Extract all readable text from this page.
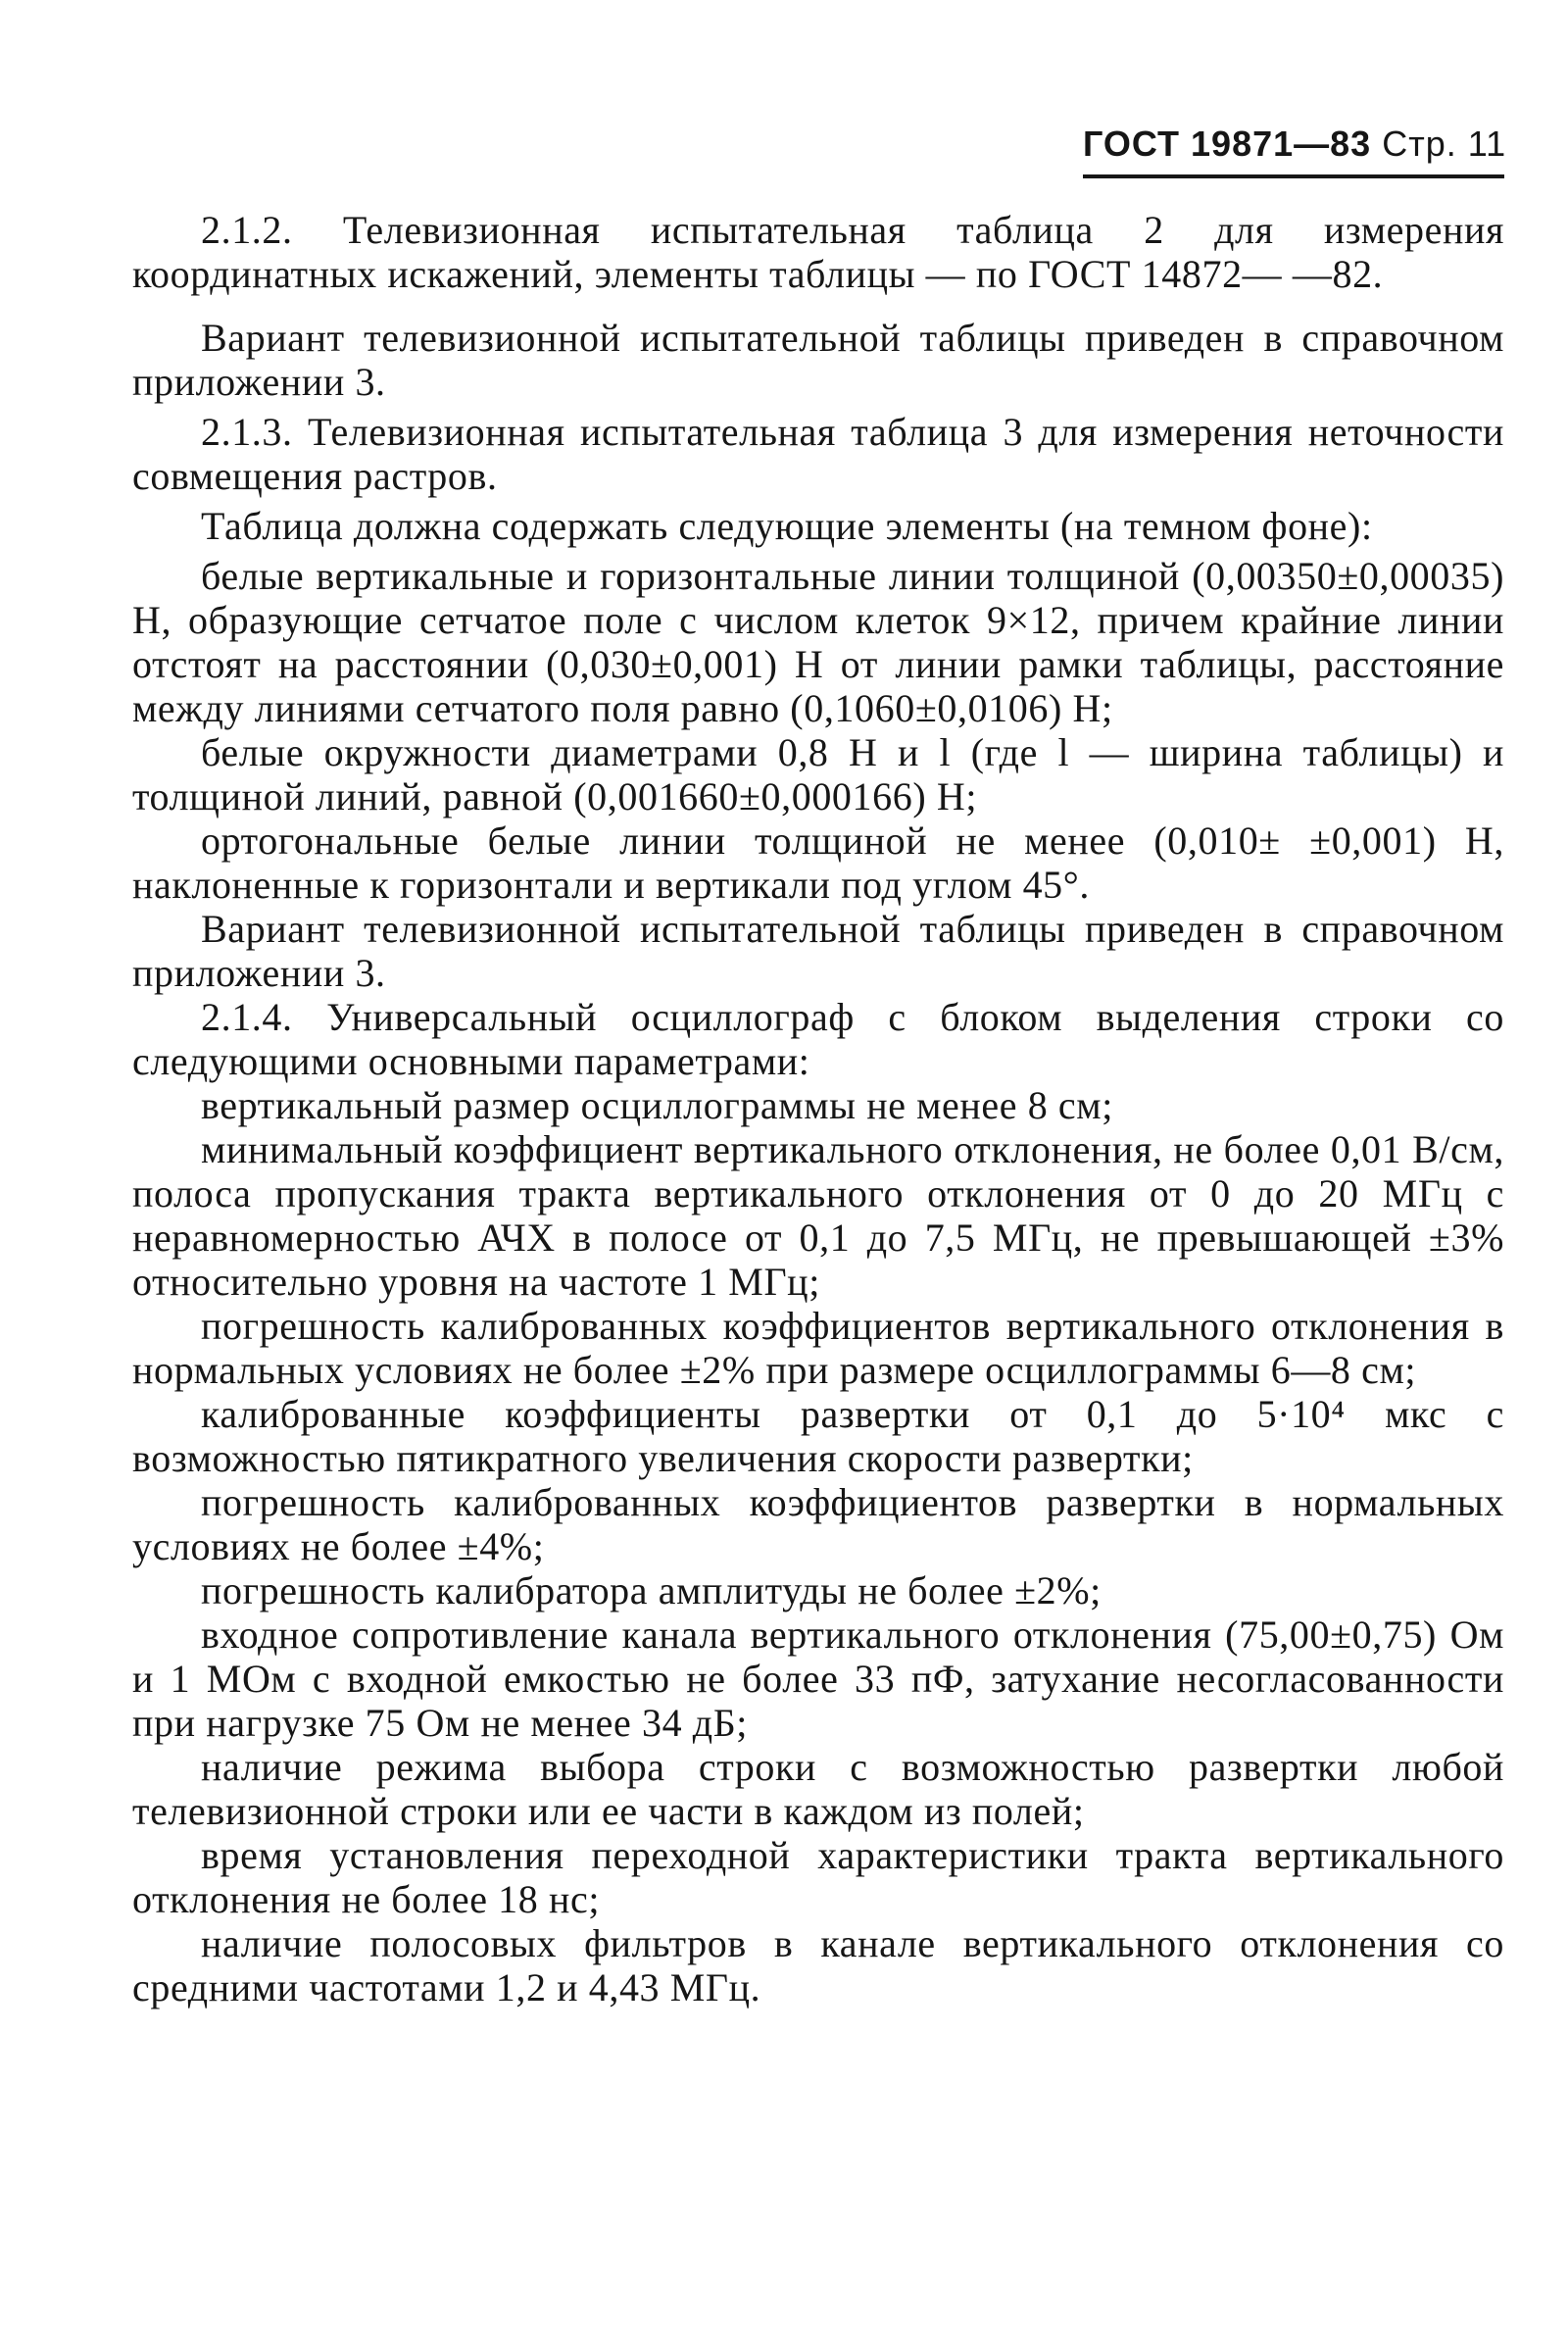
ГОСТ 19871—83 Стр. 11

2.1.2. Телевизионная испытательная таблица 2 для измерения координатных искажений, элементы таблицы — по ГОСТ 14872— —82.

Вариант телевизионной испытательной таблицы приведен в справочном приложении 3.

2.1.3. Телевизионная испытательная таблица 3 для измерения неточности совмещения растров.

Таблица должна содержать следующие элементы (на темном фоне):

белые вертикальные и горизонтальные линии толщиной (0,00350±0,00035) Н, образующие сетчатое поле с числом клеток 9×12, причем крайние линии отстоят на расстоянии (0,030±0,001) Н от линии рамки таблицы, расстояние между линиями сетчатого поля равно (0,1060±0,0106) Н;

белые окружности диаметрами 0,8 Н и l (где l — ширина таблицы) и толщиной линий, равной (0,001660±0,000166) Н;

ортогональные белые линии толщиной не менее (0,010± ±0,001) Н, наклоненные к горизонтали и вертикали под углом 45°.

Вариант телевизионной испытательной таблицы приведен в справочном приложении 3.

2.1.4. Универсальный осциллограф с блоком выделения строки со следующими основными параметрами:

вертикальный размер осциллограммы не менее 8 см;

минимальный коэффициент вертикального отклонения, не более 0,01 В/см, полоса пропускания тракта вертикального отклонения от 0 до 20 МГц с неравномерностью АЧХ в полосе от 0,1 до 7,5 МГц, не превышающей ±3% относительно уровня на частоте 1 МГц;

погрешность калиброванных коэффициентов вертикального отклонения в нормальных условиях не более ±2% при размере осциллограммы 6—8 см;

калиброванные коэффициенты развертки от 0,1 до 5·10⁴ мкс с возможностью пятикратного увеличения скорости развертки;

погрешность калиброванных коэффициентов развертки в нормальных условиях не более ±4%;

погрешность калибратора амплитуды не более ±2%;

входное сопротивление канала вертикального отклонения (75,00±0,75) Ом и 1 МОм с входной емкостью не более 33 пФ, затухание несогласованности при нагрузке 75 Ом не менее 34 дБ;

наличие режима выбора строки с возможностью развертки любой телевизионной строки или ее части в каждом из полей;

время установления переходной характеристики тракта вертикального отклонения не более 18 нс;

наличие полосовых фильтров в канале вертикального отклонения со средними частотами 1,2 и 4,43 МГц.
